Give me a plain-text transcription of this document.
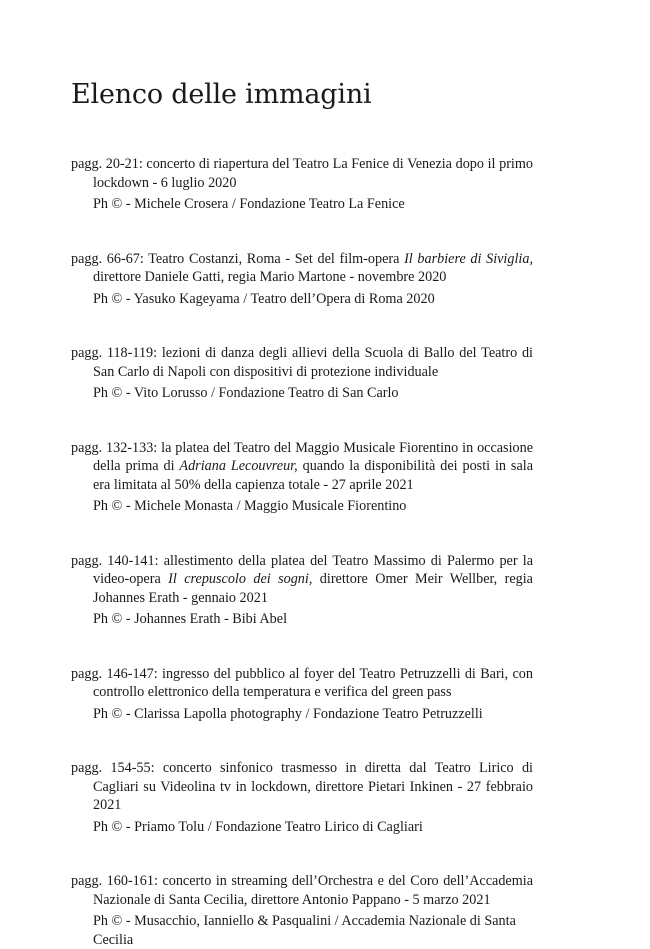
Elenco delle immagini

pagg. 20-21: concerto di riapertura del Teatro La Fenice di Venezia dopo il primo lockdown - 6 luglio 2020

Ph © - Michele Crosera / Fondazione Teatro La Fenice

pagg. 66-67: Teatro Costanzi, Roma - Set del film-opera Il barbiere di Siviglia, direttore Daniele Gatti, regia Mario Martone - novembre 2020

Ph © - Yasuko Kageyama / Teatro dell’Opera di Roma 2020

pagg. 118-119: lezioni di danza degli allievi della Scuola di Ballo del Teatro di San Carlo di Napoli con dispositivi di protezione individuale

Ph © - Vito Lorusso / Fondazione Teatro di San Carlo

pagg. 132-133: la platea del Teatro del Maggio Musicale Fiorentino in occasione della prima di Adriana Lecouvreur, quando la disponibilità dei posti in sala era limitata al 50% della capienza totale - 27 aprile 2021

Ph © - Michele Monasta / Maggio Musicale Fiorentino

pagg. 140-141: allestimento della platea del Teatro Massimo di Palermo per la video-opera Il crepuscolo dei sogni, direttore Omer Meir Wellber, regia Johannes Erath - gennaio 2021

Ph © - Johannes Erath - Bibi Abel

pagg. 146-147: ingresso del pubblico al foyer del Teatro Petruzzelli di Bari, con controllo elettronico della temperatura e verifica del green pass

Ph © - Clarissa Lapolla photography / Fondazione Teatro Petruzzelli

pagg. 154-55: concerto sinfonico trasmesso in diretta dal Teatro Lirico di Cagliari su Videolina tv in lockdown, direttore Pietari Inkinen - 27 febbraio 2021

Ph © - Priamo Tolu / Fondazione Teatro Lirico di Cagliari

pagg. 160-161: concerto in streaming dell’Orchestra e del Coro dell’Accademia Nazionale di Santa Cecilia, direttore Antonio Pappano - 5 marzo 2021

Ph © - Musacchio, Ianniello & Pasqualini / Accademia Nazionale di Santa Cecilia
